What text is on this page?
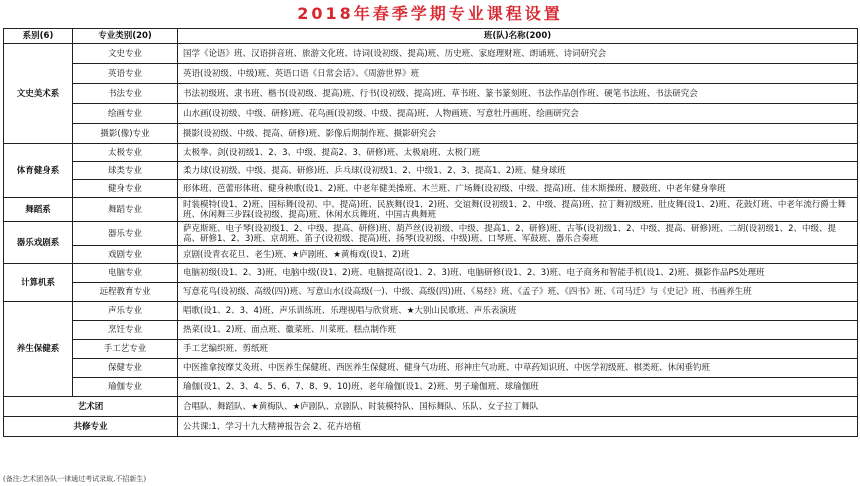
2018年春季学期专业课程设置
系别(6)	专业类别(20)	班(队)名称(200)
文史美术系	文史专业	国学《论语》班、汉语拼音班、旅游文化班、诗词(设初级、提高)班、历史班、家庭理财班、朗诵班、诗词研究会
	英语专业	英语(设初级、中级)班、英语口语《日常会话》、《周游世界》班
	书法专业	书法初级班、隶书班、楷书(设初级、提高)班、行书(设初级、提高)班、草书班、篆书篆刻班、书法作品创作班、硬笔书法班、书法研究会
	绘画专业	山水画(设初级、中级、研修)班、花鸟画(设初级、中级、提高)班、人物画班、写意牡丹画班、绘画研究会
	摄影(像)专业	摄影(设初级、中级、提高、研修)班、影像后期制作班、摄影研究会
体育健身系	太极专业	太极拳、剑(设初级1、2、3、中级、提高2、3、研修)班、太极扇班、太极门班
	球类专业	柔力球(设初级、中级、提高、研修)班、乒乓球(设初级1、2、中级1、2、3、提高1、2)班、健身球班
	健身专业	形体班、芭蕾形体班、健身秧歌(设1、2)班、中老年健美操班、木兰班、广场舞(设初级、中级、提高)班、佳木斯操班、腰鼓班、中老年健身拳班
舞蹈系	舞蹈专业	时装模特(设1、2)班、国标舞(设初、中、提高)班、民族舞(设1、2)班、交谊舞(设初级1、2、中级、提高)班、拉丁舞初级班、肚皮舞(设1、2)班、花鼓灯班、中老年流行爵士舞班、休闲舞三步踩(设初级、提高)班、休闲水兵舞班、中国古典舞班
器乐戏剧系	器乐专业	萨克斯班、电子琴(设初级1、2、中级、提高、研修)班、葫芦丝(设初级、中级、提高1、2、研修)班、古筝(设初级1、2、中级、提高、研修)班、二胡(设初级1、2、中级、提高、研修1、2、3)班、京胡班、笛子(设初级、提高)班、扬琴(设初级、中级)班、口琴班、军鼓班、器乐合奏班
	戏剧专业	京剧(设青衣花旦、老生)班、★庐剧班、★黄梅戏(设1、2)班
计算机系	电脑专业	电脑初级(设1、2、3)班、电脑中级(设1、2)班、电脑提高(设1、2、3)班、电脑研修(设1、2、3)班、电子商务和智能手机(设1、2)班、摄影作品PS处理班
	远程教育专业	写意花鸟(设初级、高级(四))班、写意山水(设高级(一)、中级、高级(四))班、《易经》班、《孟子》班、《四书》班、《司马迁》与《史记》班、书画养生班
养生保健系	声乐专业	唱歌(设1、2、3、4)班、声乐训练班、乐理视唱与欣赏班、★大别山民歌班、声乐表演班
	烹饪专业	热菜(设1、2)班、面点班、徽菜班、川菜班、糕点制作班
	手工艺专业	手工艺编织班、剪纸班
	保健专业	中医推拿按摩艾灸班、中医养生保健班、西医养生保健班、健身气功班、形神庄气功班、中草药知识班、中医学初级班、棋类班、休闲垂钓班
	瑜伽专业	瑜伽(设1、2、3、4、5、6、7、8、9、10)班、老年瑜伽(设1、2)班、男子瑜伽班、球瑜伽班
艺术团		合唱队、舞蹈队、★黄梅队、★庐剧队、京剧队、时装模特队、国标舞队、乐队、女子拉丁舞队
共修专业		公共课:1、学习十九大精神报告会 2、花卉培植
(备注:艺术团各队一律通过考试录取,不招新生)
